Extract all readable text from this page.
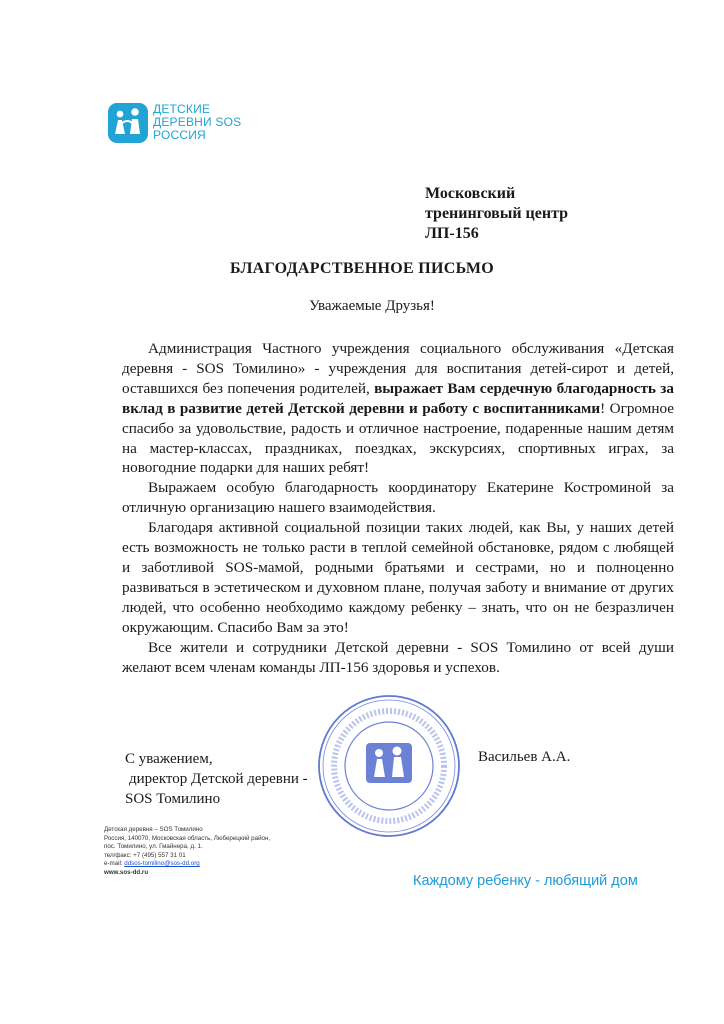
ДЕТСКИЕ
ДЕРЕВНИ SOS
РОССИЯ
Московский
тренинговый центр
ЛП-156
БЛАГОДАРСТВЕННОЕ ПИСЬМО
Уважаемые Друзья!

Администрация Частного учреждения социального обслуживания «Детская деревня - SOS Томилино» - учреждения для воспитания детей-сирот и детей, оставшихся без попечения родителей, выражает Вам сердечную благодарность за вклад в развитие детей Детской деревни и работу с воспитанниками! Огромное спасибо за удовольствие, радость и отличное настроение, подаренные нашим детям на мастер-классах, праздниках, поездках, экскурсиях, спортивных играх, за новогодние подарки для наших ребят!

Выражаем особую благодарность координатору Екатерине Костроминой за отличную организацию нашего взаимодействия.

Благодаря активной социальной позиции таких людей, как Вы, у наших детей есть возможность не только расти в теплой семейной обстановке, рядом с любящей и заботливой SOS-мамой, родными братьями и сестрами, но и полноценно развиваться в эстетическом и духовном плане, получая заботу и внимание от других людей, что особенно необходимо каждому ребенку – знать, что он не безразличен окружающим. Спасибо Вам за это!

Все жители и сотрудники Детской деревни - SOS Томилино от всей души желают всем членам команды ЛП-156 здоровья и успехов.

С уважением,
директор Детской деревни -
SOS Томилино
Васильев А.А.
Детская деревня – SOS Томилино
Россия, 140070, Московская область, Люберецкий район,
пос. Томилино, ул. Гмайнера, д. 1.
тел/факс: +7 (495) 557 31 01
e-mail: ddsos-tomilino@sos-dd.org
www.sos-dd.ru
Каждому ребенку - любящий дом
